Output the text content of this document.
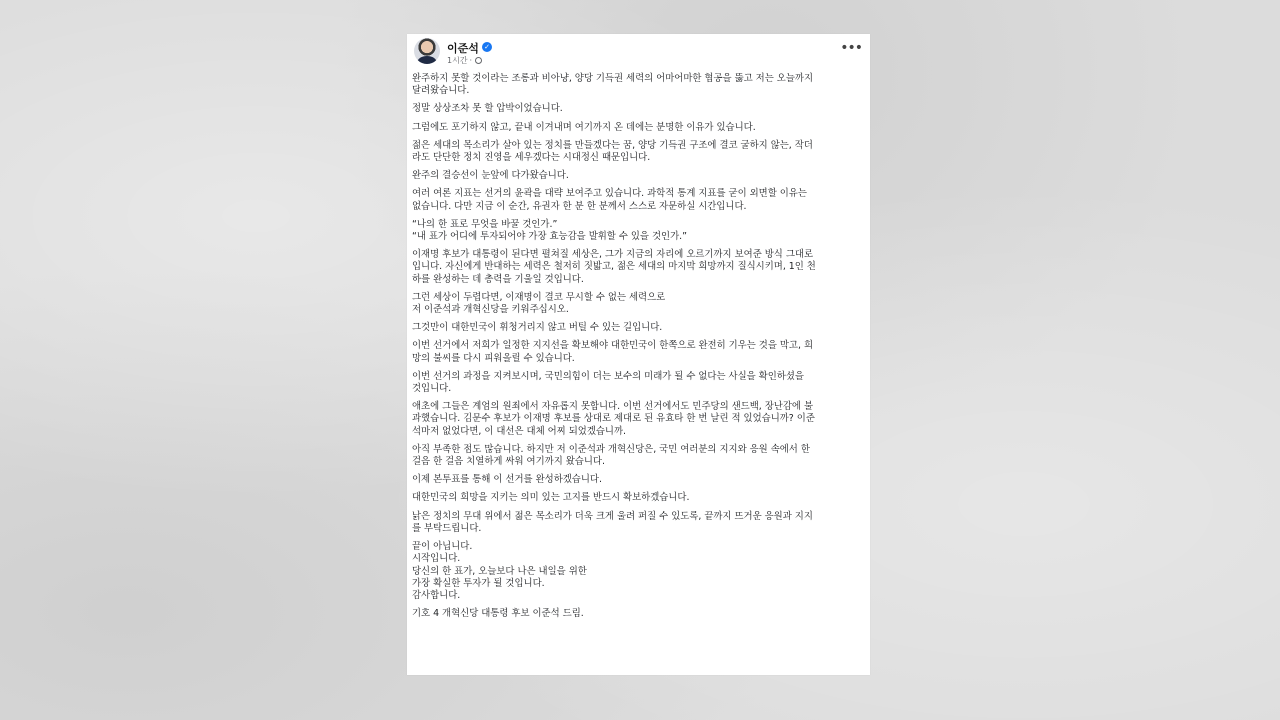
이준석 ✓
1시간 ·
•••

완주하지 못할 것이라는 조롱과 비아냥, 양당 기득권 세력의 어마어마한 협공을 뚫고 저는 오늘까지
달려왔습니다.

정말 상상조차 못 할 압박이었습니다.

그럼에도 포기하지 않고, 끝내 이겨내며 여기까지 온 데에는 분명한 이유가 있습니다.

젊은 세대의 목소리가 살아 있는 정치를 만들겠다는 꿈, 양당 기득권 구조에 결코 굴하지 않는, 작더
라도 단단한 정치 진영을 세우겠다는 시대정신 때문입니다.

완주의 결승선이 눈앞에 다가왔습니다.

여러 여론 지표는 선거의 윤곽을 대략 보여주고 있습니다. 과학적 통계 지표를 굳이 외면할 이유는
없습니다. 다만 지금 이 순간, 유권자 한 분 한 분께서 스스로 자문하실 시간입니다.

“나의 한 표로 무엇을 바꿀 것인가.”
“내 표가 어디에 투자되어야 가장 효능감을 발휘할 수 있을 것인가.”

이재명 후보가 대통령이 된다면 펼쳐질 세상은, 그가 지금의 자리에 오르기까지 보여준 방식 그대로
입니다. 자신에게 반대하는 세력은 철저히 짓밟고, 젊은 세대의 마지막 희망까지 질식시키며, 1인 천
하를 완성하는 데 총력을 기울일 것입니다.

그런 세상이 두렵다면, 이재명이 결코 무시할 수 없는 세력으로
저 이준석과 개혁신당을 키워주십시오.

그것만이 대한민국이 휘청거리지 않고 버틸 수 있는 길입니다.

이번 선거에서 저희가 일정한 지지선을 확보해야 대한민국이 한쪽으로 완전히 기우는 것을 막고, 희
망의 불씨를 다시 피워올릴 수 있습니다.

이번 선거의 과정을 지켜보시며, 국민의힘이 더는 보수의 미래가 될 수 없다는 사실을 확인하셨을
것입니다.

애초에 그들은 계엄의 원죄에서 자유롭지 못합니다. 이번 선거에서도 민주당의 샌드백, 장난감에 불
과했습니다. 김문수 후보가 이재명 후보를 상대로 제대로 된 유효타 한 번 날린 적 있었습니까? 이준
석마저 없었다면, 이 대선은 대체 어찌 되었겠습니까.

아직 부족한 점도 많습니다. 하지만 저 이준석과 개혁신당은, 국민 여러분의 지지와 응원 속에서 한
걸음 한 걸음 치열하게 싸워 여기까지 왔습니다.

이제 본투표를 통해 이 선거를 완성하겠습니다.

대한민국의 희망을 지키는 의미 있는 고지를 반드시 확보하겠습니다.

낡은 정치의 무대 위에서 젊은 목소리가 더욱 크게 울려 퍼질 수 있도록, 끝까지 뜨거운 응원과 지지
를 부탁드립니다.

끝이 아닙니다.
시작입니다.
당신의 한 표가, 오늘보다 나은 내일을 위한
가장 확실한 투자가 될 것입니다.
감사합니다.

기호 4 개혁신당 대통령 후보 이준석 드림.
